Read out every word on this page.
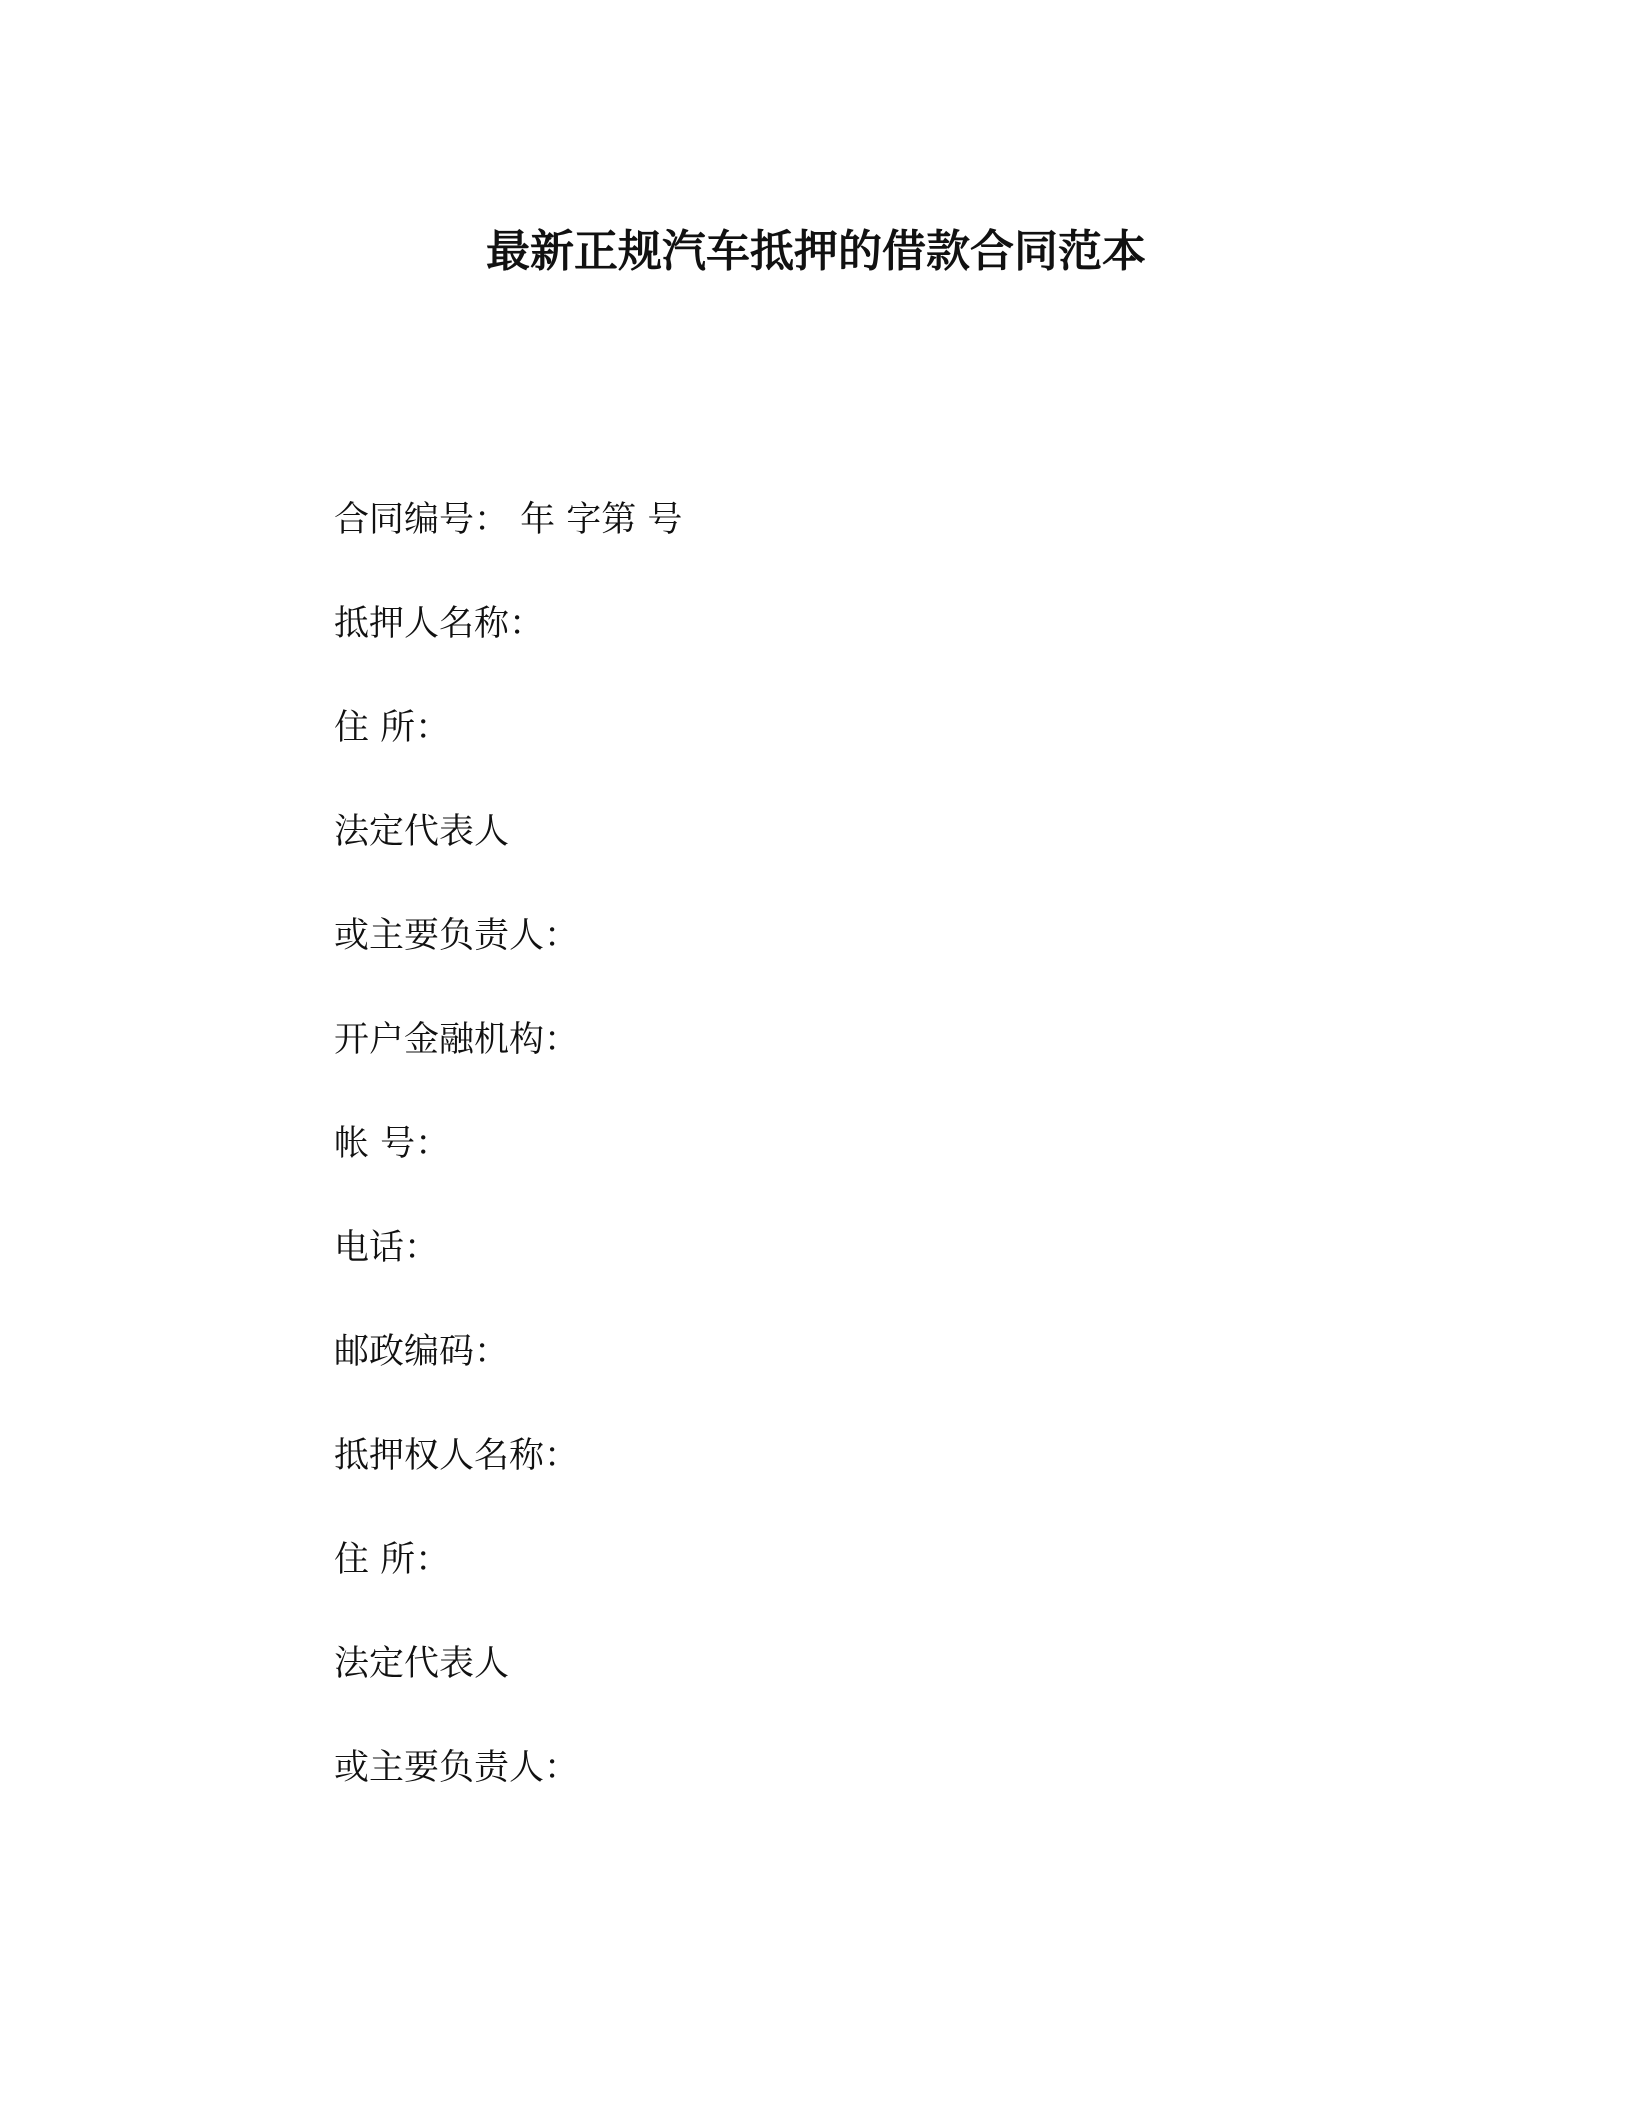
最新正规汽车抵押的借款合同范本
合同编号： 年 字第 号
抵押人名称：
住 所：
法定代表人
或主要负责人：
开户金融机构：
帐 号：
电话：
邮政编码：
抵押权人名称：
住 所：
法定代表人
或主要负责人：
